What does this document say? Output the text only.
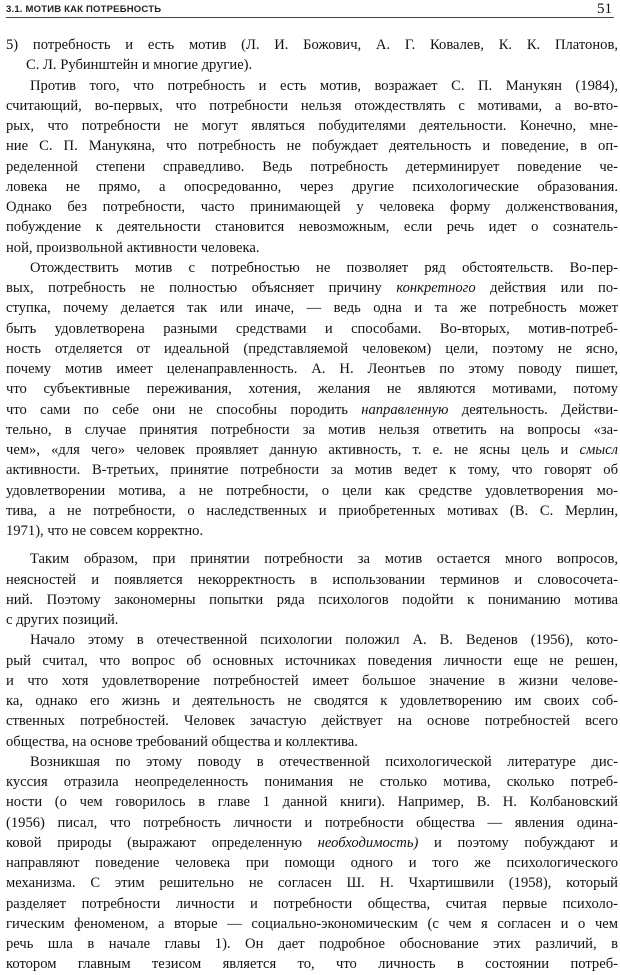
3.1. МОТИВ КАК ПОТРЕБНОСТЬ	51
5) потребность и есть мотив (Л. И. Божович, А. Г. Ковалев, К. К. Платонов,
С. Л. Рубинштейн и многие другие).
Против того, что потребность и есть мотив, возражает С. П. Манукян (1984),
считающий, во-первых, что потребности нельзя отождествлять с мотивами, а во-вто-
рых, что потребности не могут являться побудителями деятельности. Конечно, мне-
ние С. П. Манукяна, что потребность не побуждает деятельность и поведение, в оп-
ределенной степени справедливо. Ведь потребность детерминирует поведение че-
ловека не прямо, а опосредованно, через другие психологические образования.
Однако без потребности, часто принимающей у человека форму долженствования,
побуждение к деятельности становится невозможным, если речь идет о сознатель-
ной, произвольной активности человека.
Отождествить мотив с потребностью не позволяет ряд обстоятельств. Во-пер-
вых, потребность не полностью объясняет причину конкретного действия или по-
ступка, почему делается так или иначе, — ведь одна и та же потребность может
быть удовлетворена разными средствами и способами. Во-вторых, мотив-потреб-
ность отделяется от идеальной (представляемой человеком) цели, поэтому не ясно,
почему мотив имеет целенаправленность. А. Н. Леонтьев по этому поводу пишет,
что субъективные переживания, хотения, желания не являются мотивами, потому
что сами по себе они не способны породить направленную деятельность. Действи-
тельно, в случае принятия потребности за мотив нельзя ответить на вопросы «за-
чем», «для чего» человек проявляет данную активность, т. е. не ясны цель и смысл
активности. В-третьих, принятие потребности за мотив ведет к тому, что говорят об
удовлетворении мотива, а не потребности, о цели как средстве удовлетворения мо-
тива, а не потребности, о наследственных и приобретенных мотивах (В. С. Мерлин,
1971), что не совсем корректно.
Таким образом, при принятии потребности за мотив остается много вопросов,
неясностей и появляется некорректность в использовании терминов и словосочета-
ний. Поэтому закономерны попытки ряда психологов подойти к пониманию мотива
с других позиций.
Начало этому в отечественной психологии положил А. В. Веденов (1956), кото-
рый считал, что вопрос об основных источниках поведения личности еще не решен,
и что хотя удовлетворение потребностей имеет большое значение в жизни челове-
ка, однако его жизнь и деятельность не сводятся к удовлетворению им своих соб-
ственных потребностей. Человек зачастую действует на основе потребностей всего
общества, на основе требований общества и коллектива.
Возникшая по этому поводу в отечественной психологической литературе дис-
куссия отразила неопределенность понимания не столько мотива, сколько потреб-
ности (о чем говорилось в главе 1 данной книги). Например, В. Н. Колбановский
(1956) писал, что потребность личности и потребности общества — явления одина-
ковой природы (выражают определенную необходимость) и поэтому побуждают и
направляют поведение человека при помощи одного и того же психологического
механизма. С этим решительно не согласен Ш. Н. Чхартишвили (1958), который
разделяет потребности личности и потребности общества, считая первые психоло-
гическим феноменом, а вторые — социально-экономическим (с чем я согласен и о чем
речь шла в начале главы 1). Он дает подробное обоснование этих различий, в
котором главным тезисом является то, что личность в состоянии потреб-
